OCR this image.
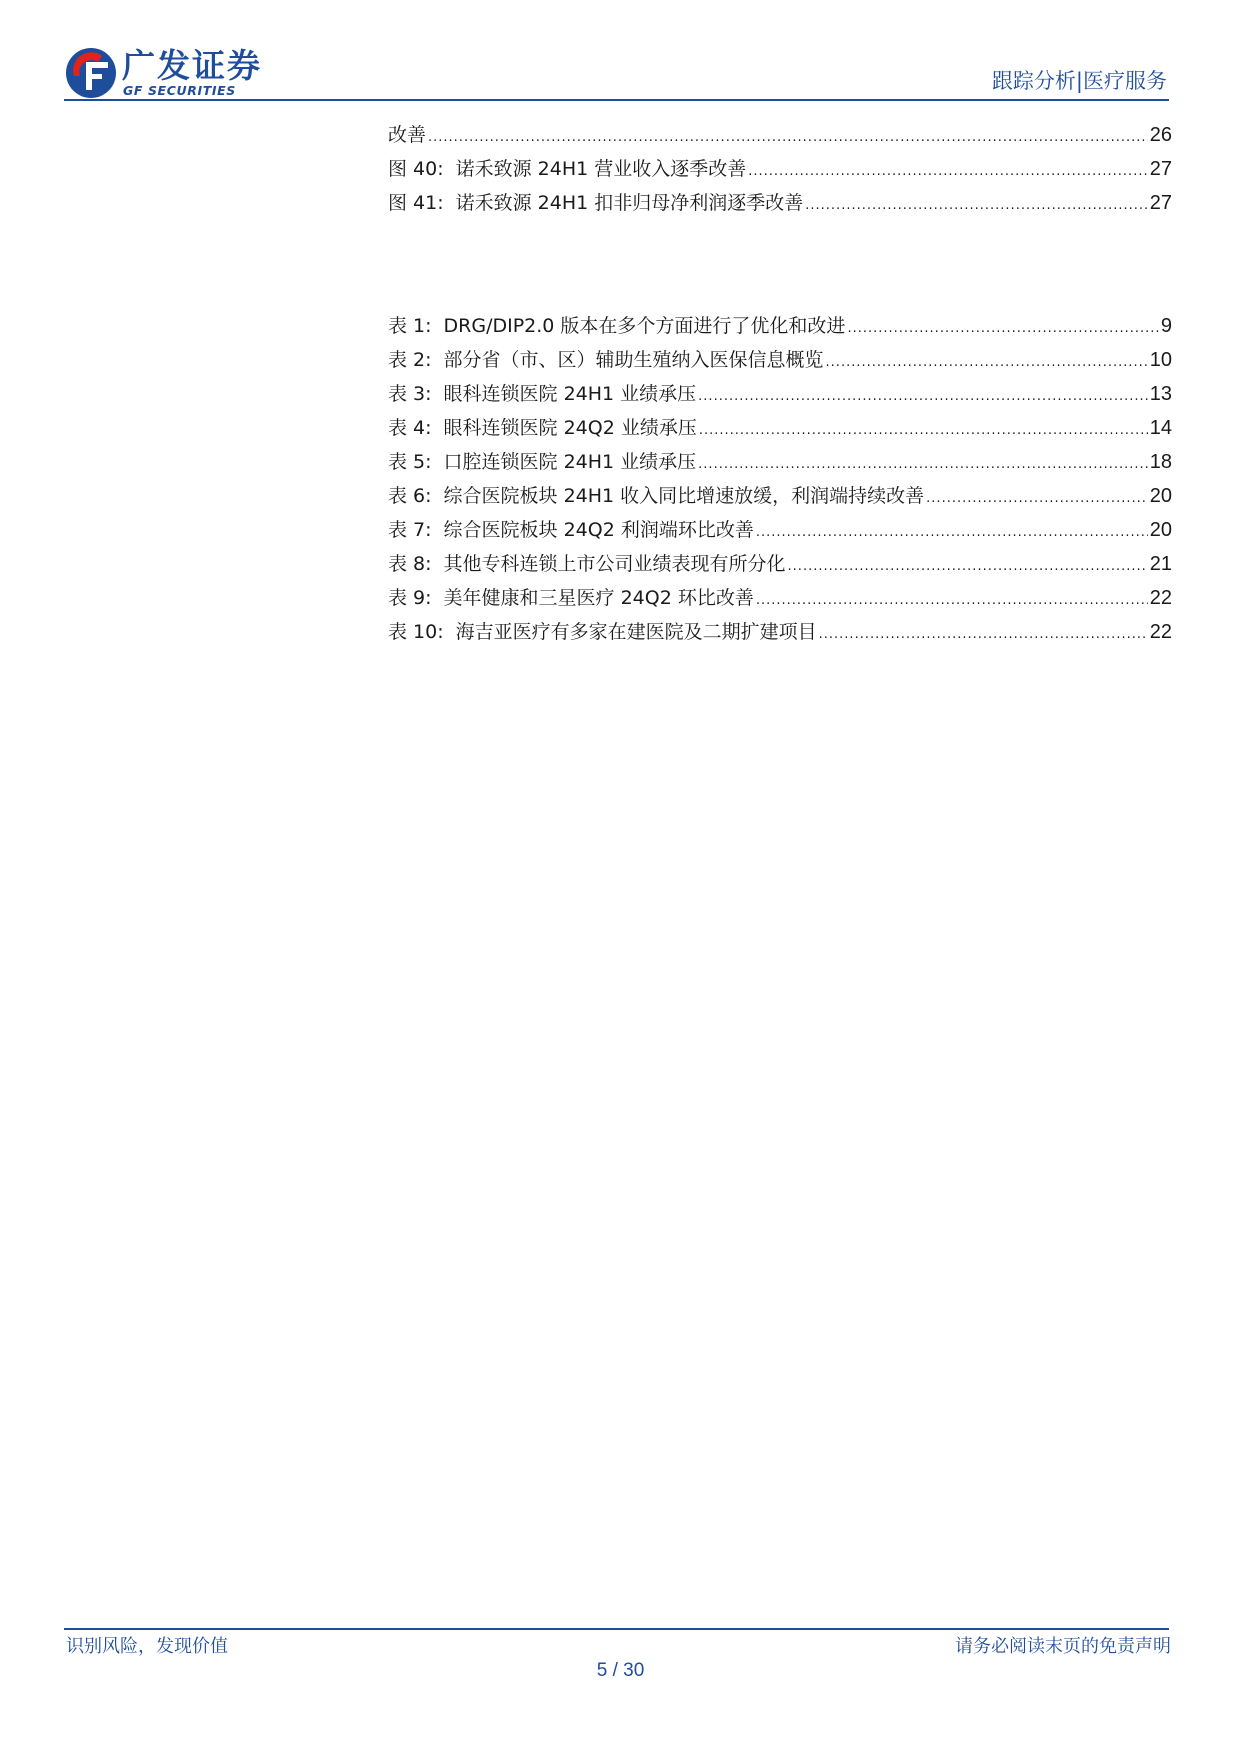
广发证券
GF SECURITIES	跟踪分析|医疗服务
改善 .....	26
图 40: 诺禾致源 24H1 营业收入逐季改善 .....	27
图 41: 诺禾致源 24H1 扣非归母净利润逐季改善 .....	27
表 1: DRG/DIP2.0 版本在多个方面进行了优化和改进 .....	9
表 2: 部分省（市、区）辅助生殖纳入医保信息概览 .....	10
表 3: 眼科连锁医院 24H1 业绩承压 .....	13
表 4: 眼科连锁医院 24Q2 业绩承压 .....	14
表 5: 口腔连锁医院 24H1 业绩承压 .....	18
表 6: 综合医院板块 24H1 收入同比增速放缓，利润端持续改善 .....	20
表 7: 综合医院板块 24Q2 利润端环比改善 .....	20
表 8: 其他专科连锁上市公司业绩表现有所分化 .....	21
表 9: 美年健康和三星医疗 24Q2 环比改善 .....	22
表 10: 海吉亚医疗有多家在建医院及二期扩建项目 .....	22
识别风险，发现价值	请务必阅读末页的免责声明
5 / 30
